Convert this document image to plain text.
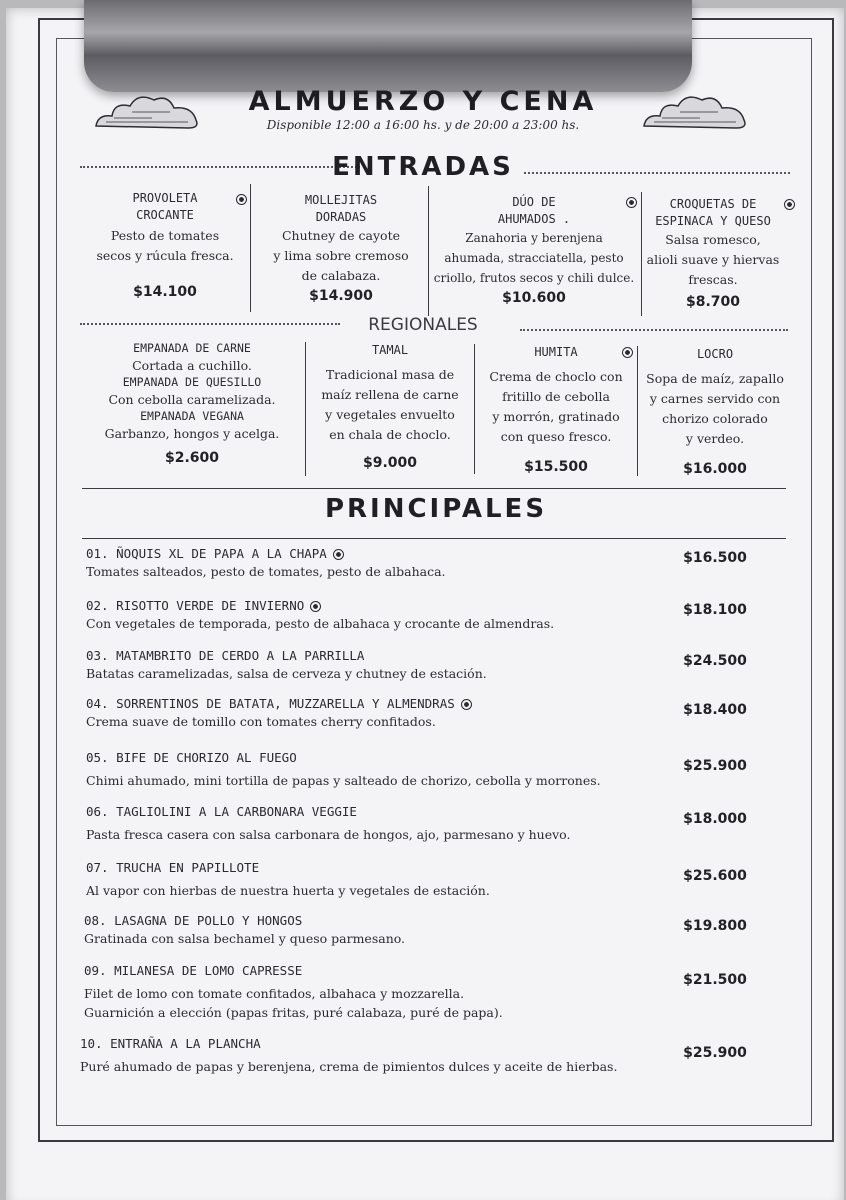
ALMUERZO Y CENA
Disponible 12:00 a 16:00 hs. y de 20:00 a 23:00 hs.
ENTRADAS
PROVOLETA
CROCANTE
Pesto de tomates
secos y rúcula fresca.
$14.100
MOLLEJITAS
DORADAS
Chutney de cayote
y lima sobre cremoso
de calabaza.
$14.900
DÚO DE
AHUMADOS .
Zanahoria y berenjena
ahumada, stracciatella, pesto
criollo, frutos secos y chili dulce.
$10.600
CROQUETAS DE
ESPINACA Y QUESO
Salsa romesco,
alioli suave y hiervas
frescas.
$8.700
REGIONALES
EMPANADA DE CARNE
Cortada a cuchillo.
EMPANADA DE QUESILLO
Con cebolla caramelizada.
EMPANADA VEGANA
Garbanzo, hongos y acelga.
$2.600
TAMAL
Tradicional masa de
maíz rellena de carne
y vegetales envuelto
en chala de choclo.
$9.000
HUMITA
Crema de choclo con
fritillo de cebolla
y morrón, gratinado
con queso fresco.
$15.500
LOCRO
Sopa de maíz, zapallo
y carnes servido con
chorizo colorado
y verdeo.
$16.000
PRINCIPALES
01. ÑOQUIS XL DE PAPA A LA CHAPA
Tomates salteados, pesto de tomates, pesto de albahaca.
$16.500
02. RISOTTO VERDE DE INVIERNO
Con vegetales de temporada, pesto de albahaca y crocante de almendras.
$18.100
03. MATAMBRITO DE CERDO A LA PARRILLA
Batatas caramelizadas, salsa de cerveza y chutney de estación.
$24.500
04. SORRENTINOS DE BATATA, MUZZARELLA Y ALMENDRAS
Crema suave de tomillo con tomates cherry confitados.
$18.400
05. BIFE DE CHORIZO AL FUEGO
Chimi ahumado, mini tortilla de papas y salteado de chorizo, cebolla y morrones.
$25.900
06. TAGLIOLINI A LA CARBONARA VEGGIE
Pasta fresca casera con salsa carbonara de hongos, ajo, parmesano y huevo.
$18.000
07. TRUCHA EN PAPILLOTE
Al vapor con hierbas de nuestra huerta y vegetales de estación.
$25.600
08. LASAGNA DE POLLO Y HONGOS
Gratinada con salsa bechamel y queso parmesano.
$19.800
09. MILANESA DE LOMO CAPRESSE
Filet de lomo con tomate confitados, albahaca y mozzarella.
Guarnición a elección (papas fritas, puré calabaza, puré de papa).
$21.500
10. ENTRAÑA A LA PLANCHA
Puré ahumado de papas y berenjena, crema de pimientos dulces y aceite de hierbas.
$25.900
